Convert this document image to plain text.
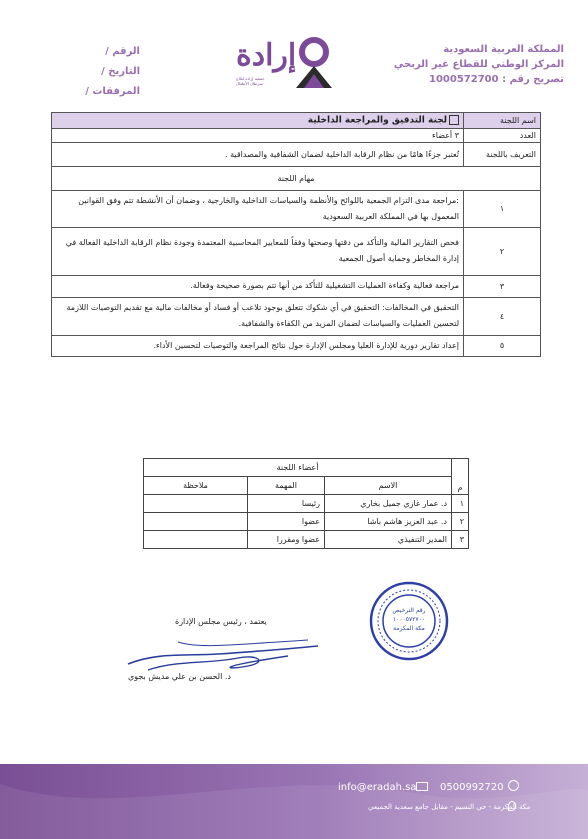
المملكة العربية السعودية
المركز الوطني للقطاع غير الربحي
تصريح رقم : 1000572700
إرادة
جمعية إرادة لعلاج سرطان الأطفال
الرقم /
التاريخ /
المرفقات /
اسم اللجنة	لجنة التدقيق والمراجعة الداخلية
العدد	٣ أعضاء
التعريف باللجنة	تُعتبر جزءًا هامًا من نظام الرقابة الداخلية لضمان الشفافية والمصداقية .
مهام اللجنة	
١	:مراجعة مدى التزام الجمعية باللوائح والأنظمة والسياسات الداخلية والخارجية ، وضمان أن الأنشطة تتم وفق القوانين المعمول بها في المملكة العربية السعودية
٢	فحص التقارير المالية والتأكد من دقتها وصحتها وفقاً للمعايير المحاسبية المعتمدة وجودة نظام الرقابة الداخلية الفعالة في إدارة المخاطر وحماية أصول الجمعية
٣	مراجعة فعالية وكفاءة العمليات التشغيلية للتأكد من أنها تتم بصورة صحيحة وفعالة.
٤	التحقيق في المخالفات: التحقيق في أي شكوك تتعلق بوجود تلاعب أو فساد أو مخالفات مالية مع تقديم التوصيات اللازمة لتحسين العمليات والسياسات لضمان المزيد من الكفاءة والشفافية.
٥	إعداد تقارير دورية للإدارة العليا ومجلس الإدارة حول نتائج المراجعة والتوصيات لتحسين الأداء.
م	أعضاء اللجنة		
	الاسم	المهمة	ملاحظة
١	د. عمار غازي جميل بخاري	رئيسا	
٢	د. عبد العزيز هاشم باشا	عضوا	
٣	المدير التنفيذي	عضوا ومقررا	
يعتمد ، رئيس مجلس الإدارة
د. الحسن بن علي مديش بجوي
رقم الترخيص
١٠٠٠٥٧٢٧٠٠
مكة المكرمة
info@eradah.sa 0500992720
مكة المكرمة - حي النسيم - مقابل جامع سعدية الجميعي
